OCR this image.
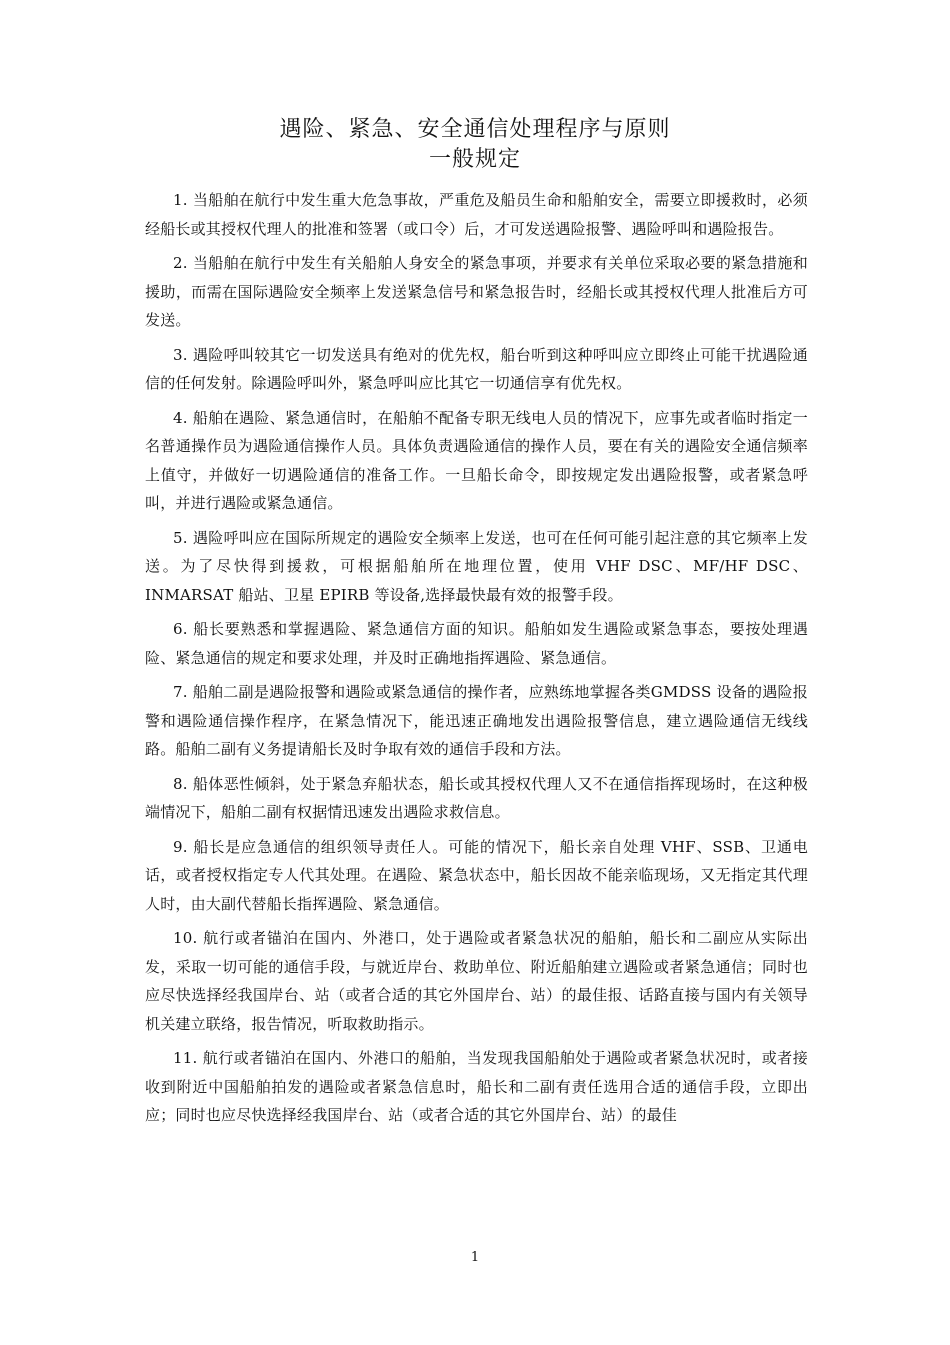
遇险、紧急、安全通信处理程序与原则
一般规定

1. 当船舶在航行中发生重大危急事故，严重危及船员生命和船舶安全，需要立即援救时，必须经船长或其授权代理人的批准和签署（或口令）后，才可发送遇险报警、遇险呼叫和遇险报告。

2. 当船舶在航行中发生有关船舶人身安全的紧急事项，并要求有关单位采取必要的紧急措施和援助，而需在国际遇险安全频率上发送紧急信号和紧急报告时，经船长或其授权代理人批准后方可发送。

3. 遇险呼叫较其它一切发送具有绝对的优先权，船台听到这种呼叫应立即终止可能干扰遇险通信的任何发射。除遇险呼叫外，紧急呼叫应比其它一切通信享有优先权。

4. 船舶在遇险、紧急通信时，在船舶不配备专职无线电人员的情况下，应事先或者临时指定一名普通操作员为遇险通信操作人员。具体负责遇险通信的操作人员，要在有关的遇险安全通信频率上值守，并做好一切遇险通信的准备工作。一旦船长命令，即按规定发出遇险报警，或者紧急呼叫，并进行遇险或紧急通信。

5. 遇险呼叫应在国际所规定的遇险安全频率上发送，也可在任何可能引起注意的其它频率上发送。为了尽快得到援救，可根据船舶所在地理位置，使用 VHF DSC、MF/HF DSC、INMARSAT 船站、卫星 EPIRB 等设备,选择最快最有效的报警手段。

6. 船长要熟悉和掌握遇险、紧急通信方面的知识。船舶如发生遇险或紧急事态，要按处理遇险、紧急通信的规定和要求处理，并及时正确地指挥遇险、紧急通信。

7. 船舶二副是遇险报警和遇险或紧急通信的操作者，应熟练地掌握各类GMDSS 设备的遇险报警和遇险通信操作程序，在紧急情况下，能迅速正确地发出遇险报警信息，建立遇险通信无线线路。船舶二副有义务提请船长及时争取有效的通信手段和方法。

8. 船体恶性倾斜，处于紧急弃船状态，船长或其授权代理人又不在通信指挥现场时，在这种极端情况下，船舶二副有权据情迅速发出遇险求救信息。

9. 船长是应急通信的组织领导责任人。可能的情况下，船长亲自处理 VHF、SSB、卫通电话，或者授权指定专人代其处理。在遇险、紧急状态中，船长因故不能亲临现场，又无指定其代理人时，由大副代替船长指挥遇险、紧急通信。

10. 航行或者锚泊在国内、外港口，处于遇险或者紧急状况的船舶，船长和二副应从实际出发，采取一切可能的通信手段，与就近岸台、救助单位、附近船舶建立遇险或者紧急通信；同时也应尽快选择经我国岸台、站（或者合适的其它外国岸台、站）的最佳报、话路直接与国内有关领导机关建立联络，报告情况，听取救助指示。

11. 航行或者锚泊在国内、外港口的船舶，当发现我国船舶处于遇险或者紧急状况时，或者接收到附近中国船舶拍发的遇险或者紧急信息时，船长和二副有责任选用合适的通信手段，立即出应；同时也应尽快选择经我国岸台、站（或者合适的其它外国岸台、站）的最佳

1
